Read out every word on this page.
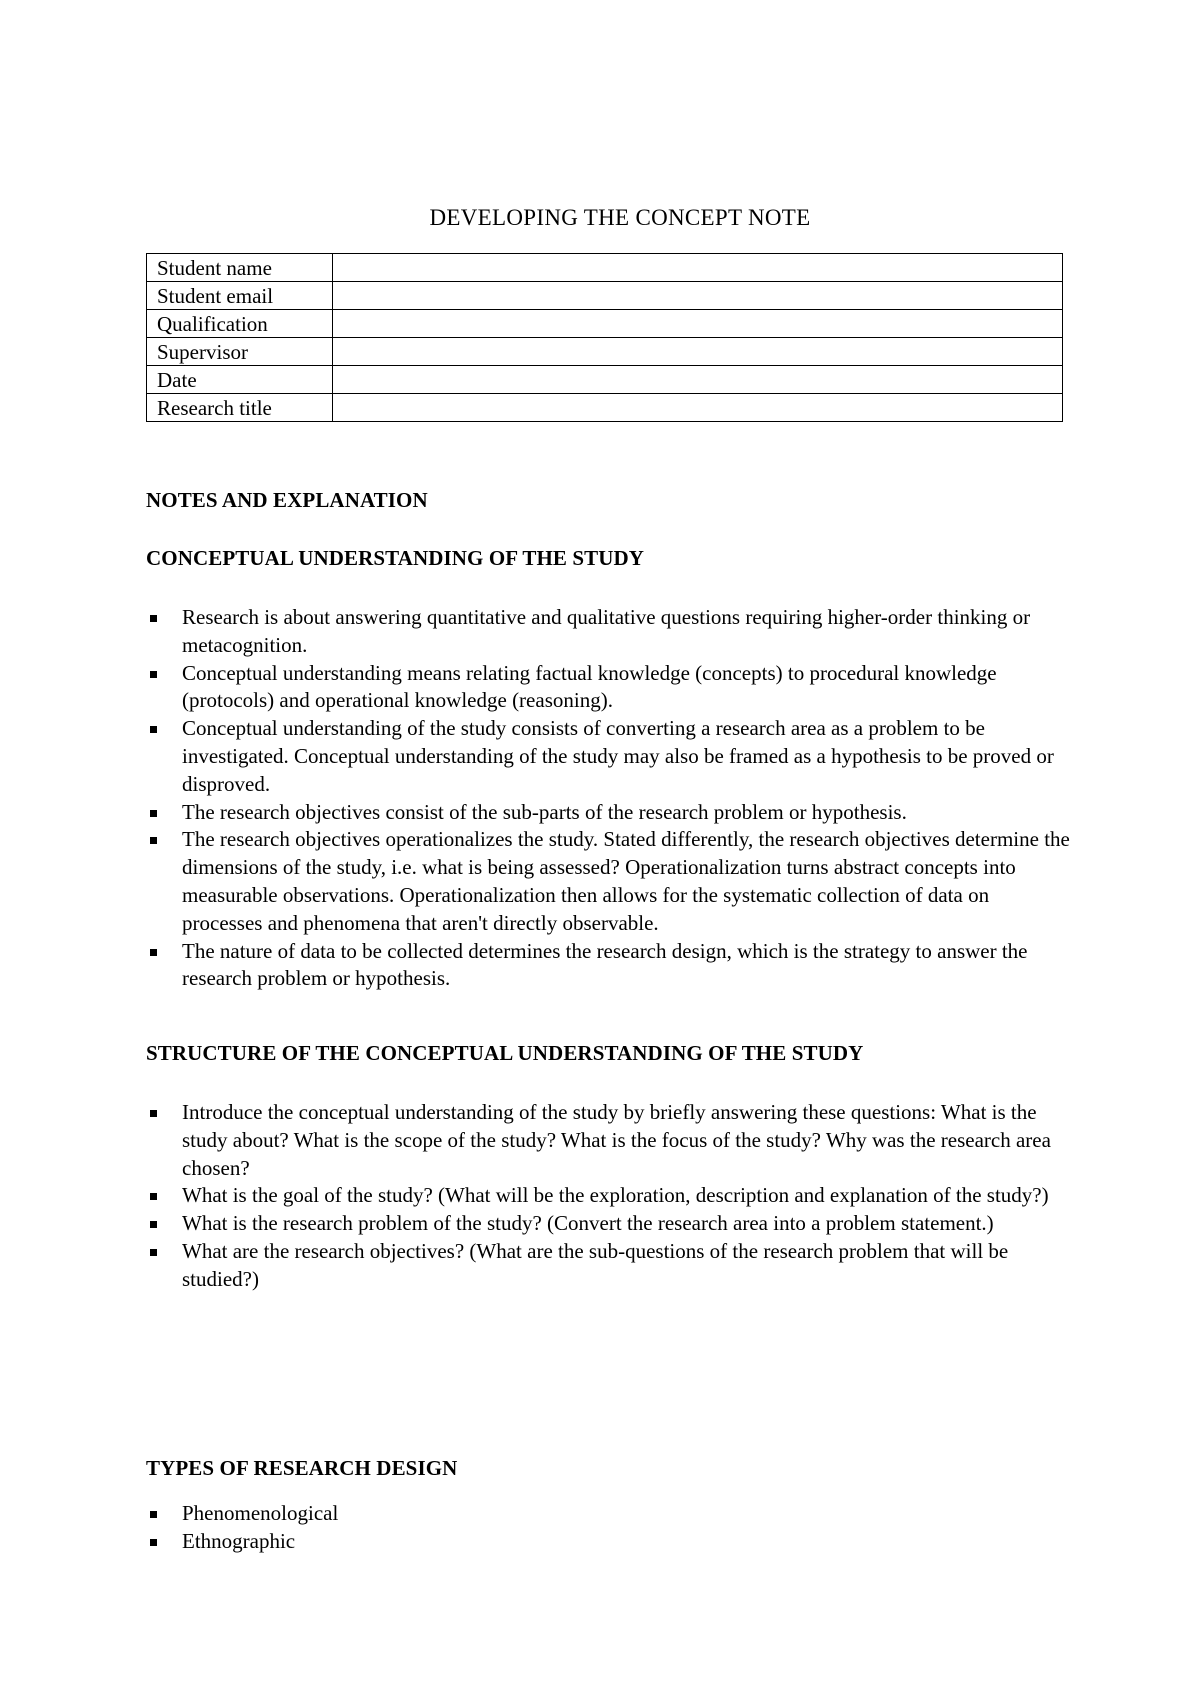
DEVELOPING THE CONCEPT NOTE
Student name	
Student email	
Qualification	
Supervisor	
Date	
Research title	
NOTES AND EXPLANATION
CONCEPTUAL UNDERSTANDING OF THE STUDY
Research is about answering quantitative and qualitative questions requiring higher-order thinking or metacognition.
Conceptual understanding means relating factual knowledge (concepts) to procedural knowledge (protocols) and operational knowledge (reasoning).
Conceptual understanding of the study consists of converting a research area as a problem to be investigated. Conceptual understanding of the study may also be framed as a hypothesis to be proved or disproved.
The research objectives consist of the sub-parts of the research problem or hypothesis.
The research objectives operationalizes the study. Stated differently, the research objectives determine the dimensions of the study, i.e. what is being assessed? Operationalization turns abstract concepts into measurable observations. Operationalization then allows for the systematic collection of data on processes and phenomena that aren't directly observable.
The nature of data to be collected determines the research design, which is the strategy to answer the research problem or hypothesis.
STRUCTURE OF THE CONCEPTUAL UNDERSTANDING OF THE STUDY
Introduce the conceptual understanding of the study by briefly answering these questions: What is the study about? What is the scope of the study? What is the focus of the study? Why was the research area chosen?
What is the goal of the study? (What will be the exploration, description and explanation of the study?)
What is the research problem of the study? (Convert the research area into a problem statement.)
What are the research objectives? (What are the sub-questions of the research problem that will be studied?)
TYPES OF RESEARCH DESIGN
Phenomenological
Ethnographic
